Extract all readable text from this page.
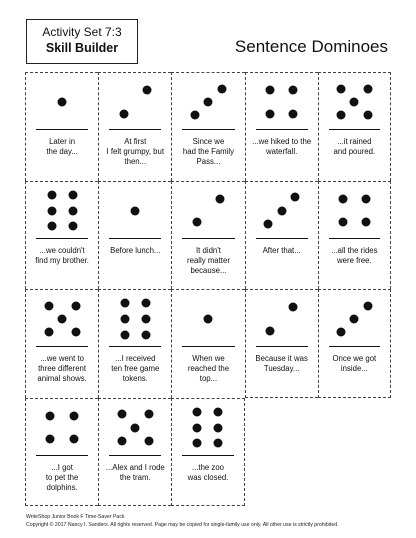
Activity Set 7:3
Skill Builder	Sentence Dominoes
Later in
the day...
At first
I felt grumpy, but
then...
Since we
had the Family
Pass...
...we hiked to the
waterfall.
...it rained
and poured.
...we couldn't
find my brother.
Before lunch...	It didn't
really matter
because...
After that...	...all the rides
were free.
...we went to
three different
animal shows.
...I received
ten free game
tokens.
When we
reached the
top...
Because it was
Tuesday...
Once we got
inside...
...I got
to pet the
dolphins.
...Alex and I rode
the tram.
...the zoo
was closed.
WriteShop Junior Book F Time-Saver Pack
Copyright © 2017 Nancy I. Sanders. All rights reserved. Page may be copied for single-family use only. All other use is strictly prohibited.
